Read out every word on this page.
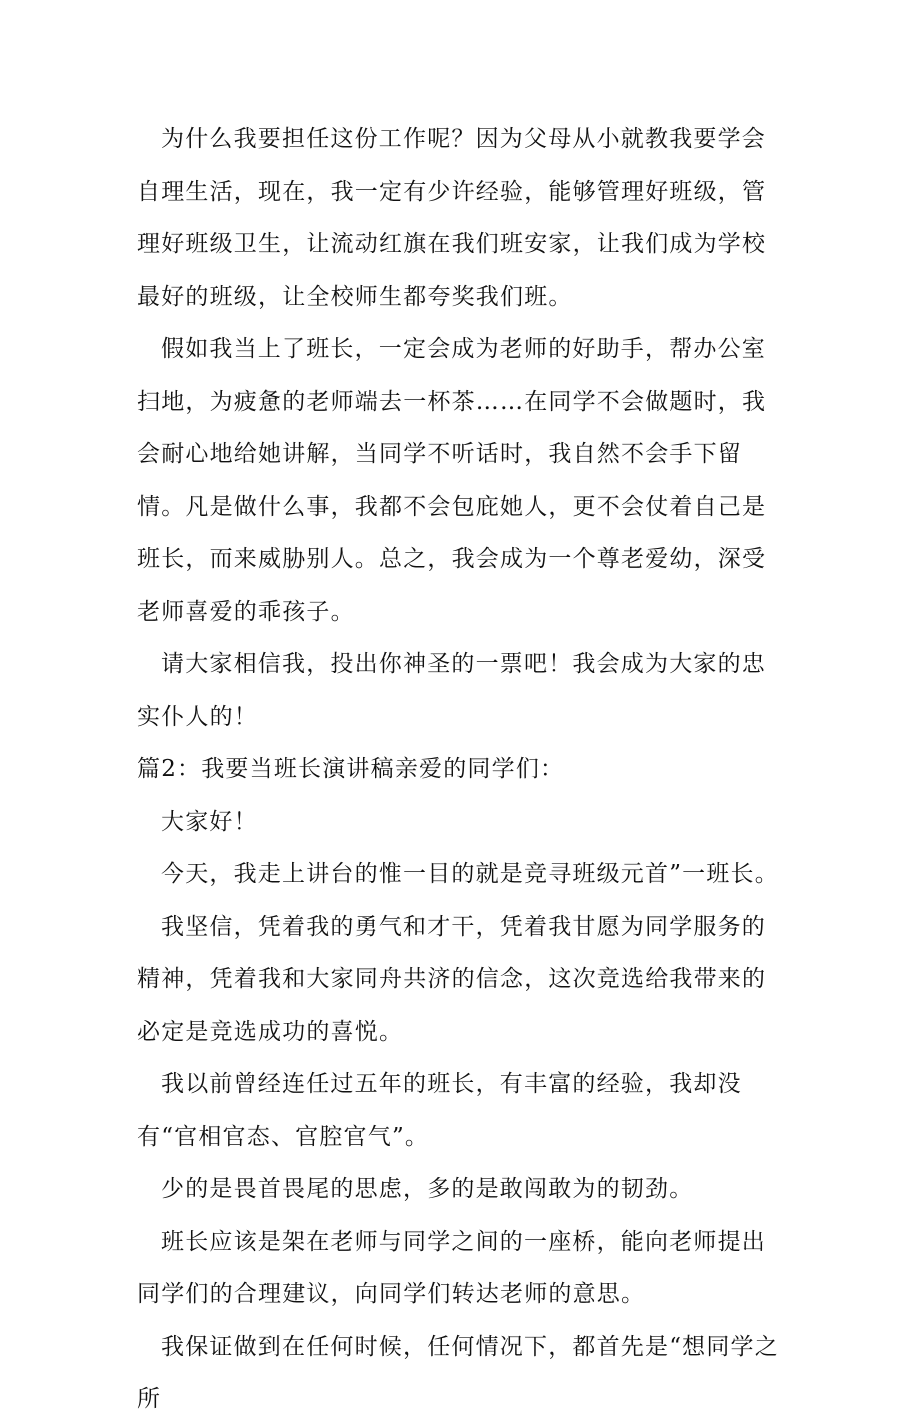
为什么我要担任这份工作呢？因为父母从小就教我要学会自理生活，现在，我一定有少许经验，能够管理好班级，管理好班级卫生，让流动红旗在我们班安家，让我们成为学校最好的班级，让全校师生都夸奖我们班。

假如我当上了班长，一定会成为老师的好助手，帮办公室扫地，为疲惫的老师端去一杯茶……在同学不会做题时，我会耐心地给她讲解，当同学不听话时，我自然不会手下留情。凡是做什么事，我都不会包庇她人，更不会仗着自己是班长，而来威胁别人。总之，我会成为一个尊老爱幼，深受老师喜爱的乖孩子。

请大家相信我，投出你神圣的一票吧！我会成为大家的忠实仆人的！

篇2：我要当班长演讲稿亲爱的同学们：

大家好！

今天，我走上讲台的惟一目的就是竞寻班级元首”一班长。

我坚信，凭着我的勇气和才干，凭着我甘愿为同学服务的精神，凭着我和大家同舟共济的信念，这次竞选给我带来的必定是竞选成功的喜悦。

我以前曾经连任过五年的班长，有丰富的经验，我却没有“官相官态、官腔官气”。

少的是畏首畏尾的思虑，多的是敢闯敢为的韧劲。

班长应该是架在老师与同学之间的一座桥，能向老师提出同学们的合理建议，向同学们转达老师的意思。

我保证做到在任何时候，任何情况下，都首先是“想同学之所
